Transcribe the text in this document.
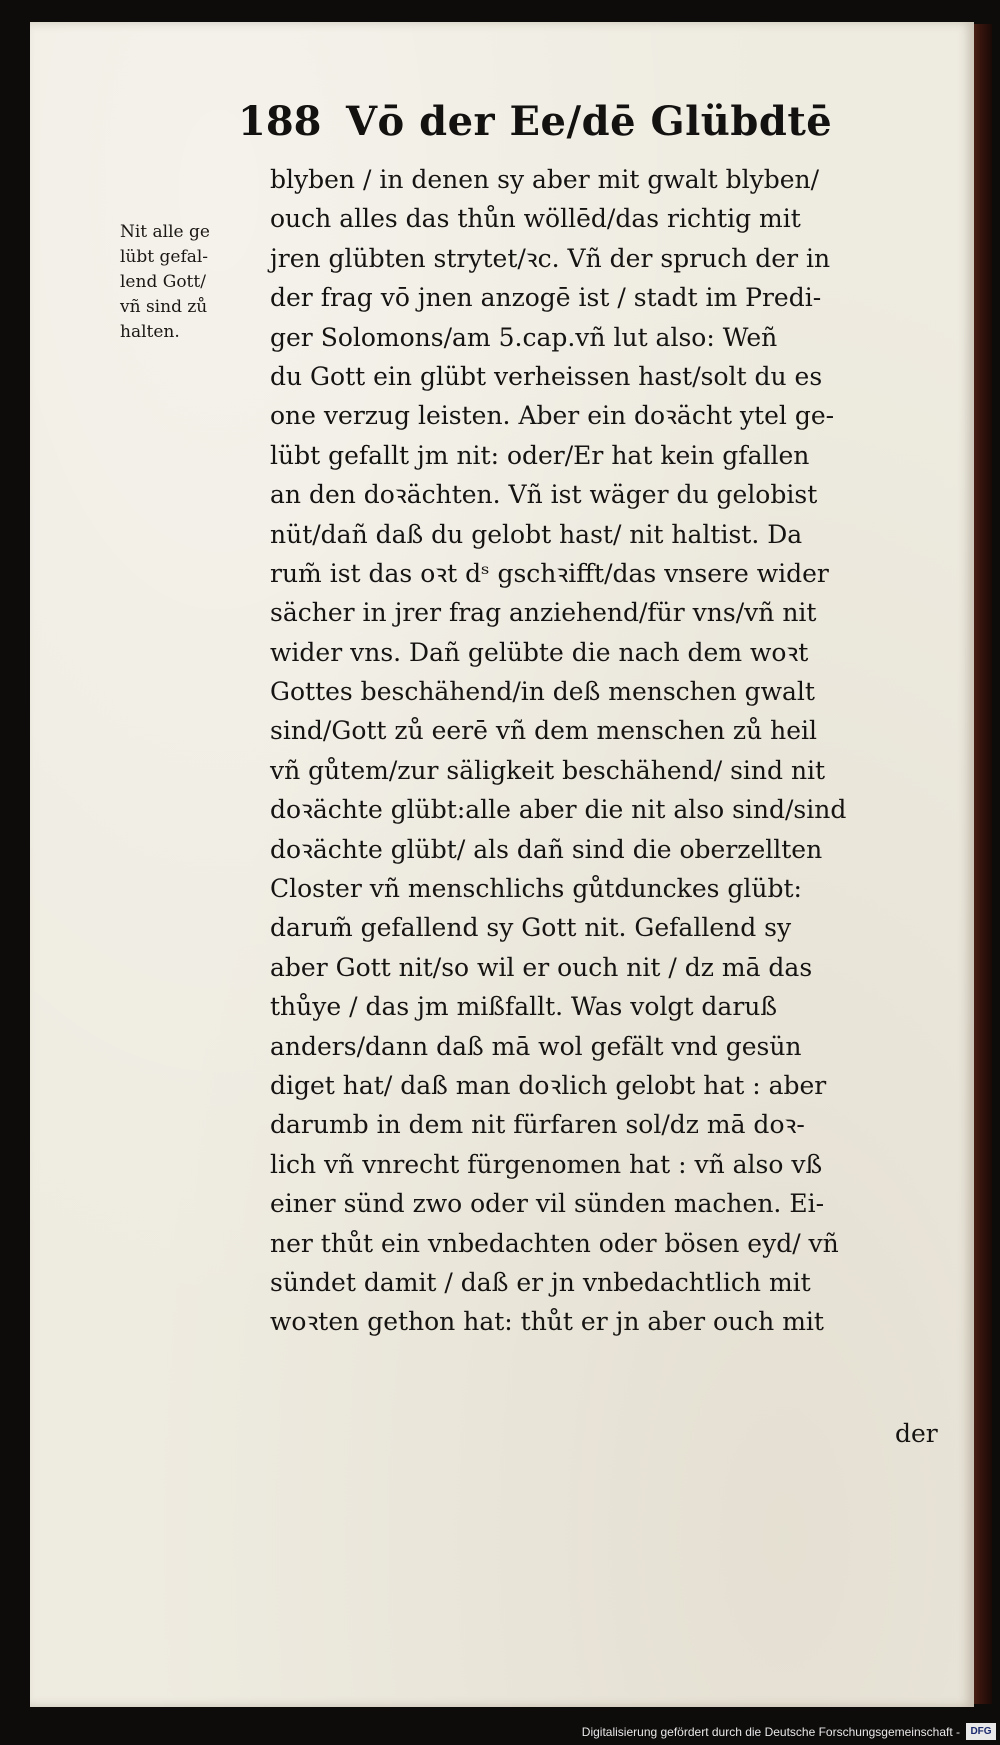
188 Vō der Ee/dē Glübdtē
Nit alle ge
lübt gefal-
lend Gott/
vñ sind zů
halten.
blyben / in denen sy aber mit gwalt blyben/
ouch alles das thůn wöllēd/das richtig mit
jren glübten strytet/ꝛc. Vñ der spruch der in
der frag vō jnen anzogē ist / stadt im Predi-
ger Solomons/am 5.cap.vñ lut also: Weñ
du Gott ein glübt verheissen hast/solt du es
one verzug leisten. Aber ein doꝛächt ytel ge-
lübt gefallt jm nit: oder/Er hat kein gfallen
an den doꝛächten. Vñ ist wäger du gelobist
nüt/dañ daß du gelobt hast/ nit haltist. Da
rum̃ ist das oꝛt dˢ gschꝛifft/das vnsere wider
sächer in jrer frag anziehend/für vns/vñ nit
wider vns. Dañ gelübte die nach dem woꝛt
Gottes beschähend/in deß menschen gwalt
sind/Gott zů eerē vñ dem menschen zů heil
vñ gůtem/zur säligkeit beschähend/ sind nit
doꝛächte glübt:alle aber die nit also sind/sind
doꝛächte glübt/ als dañ sind die oberzellten
Closter vñ menschlichs gůtdunckes glübt:
darum̃ gefallend sy Gott nit. Gefallend sy
aber Gott nit/so wil er ouch nit / dz mā das
thůye / das jm mißfallt. Was volgt daruß
anders/dann daß mā wol gefält vnd gesün
diget hat/ daß man doꝛlich gelobt hat : aber
darumb in dem nit fürfaren sol/dz mā doꝛ-
lich vñ vnrecht fürgenomen hat : vñ also vß
einer sünd zwo oder vil sünden machen. Ei-
ner thůt ein vnbedachten oder bösen eyd/ vñ
sündet damit / daß er jn vnbedachtlich mit
woꝛten gethon hat: thůt er jn aber ouch mit
der
Digitalisierung gefördert durch die Deutsche Forschungsgemeinschaft -	DFG
